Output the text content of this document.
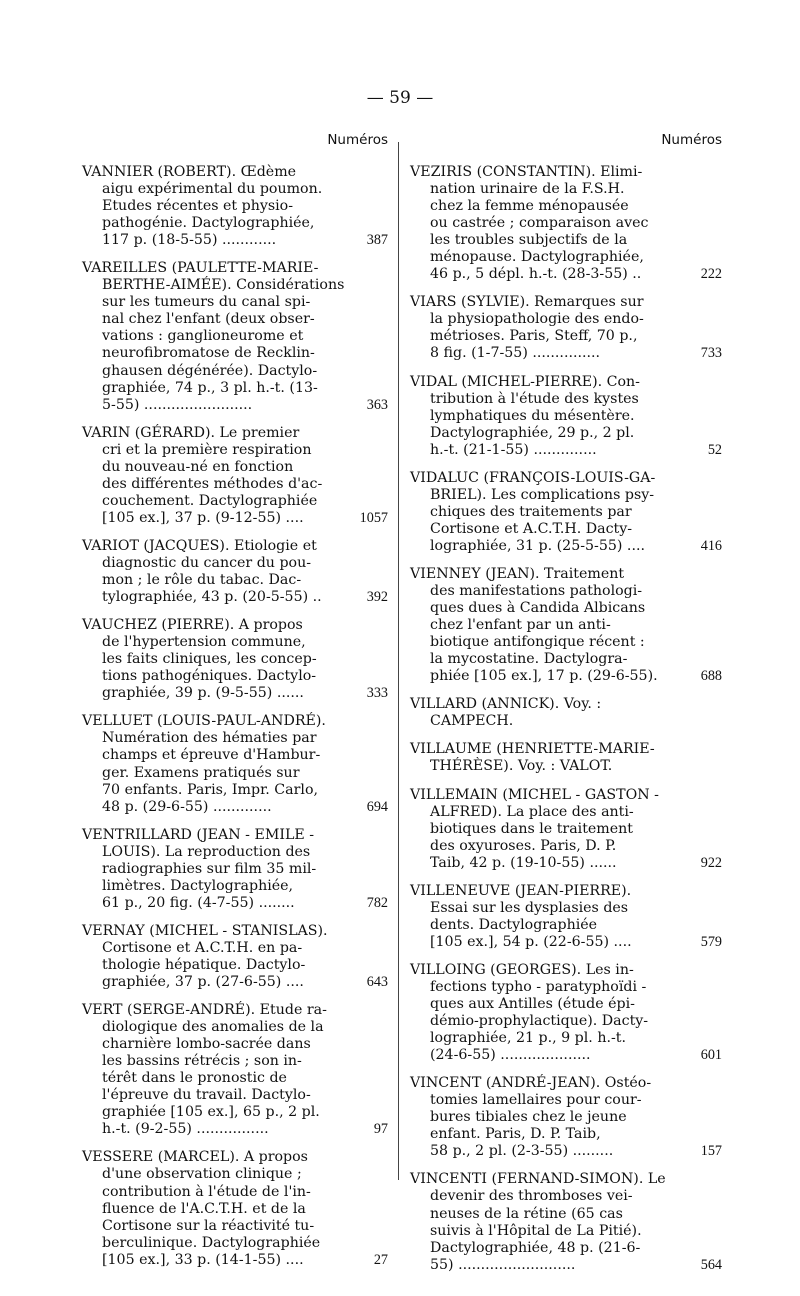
— 59 —
Numéros
VANNIER (ROBERT). Œdème
aigu expérimental du poumon.
Etudes récentes et physio-
pathogénie. Dactylographiée,
117 p. (18-5-55) ............	387
VAREILLES (PAULETTE-MARIE-
BERTHE-AIMÉE). Considérations
sur les tumeurs du canal spi-
nal chez l'enfant (deux obser-
vations : ganglioneurome et
neurofibromatose de Recklin-
ghausen dégénérée). Dactylo-
graphiée, 74 p., 3 pl. h.-t. (13-
5-55) ........................	363
VARIN (GÉRARD). Le premier
cri et la première respiration
du nouveau-né en fonction
des différentes méthodes d'ac-
couchement. Dactylographiée
[105 ex.], 37 p. (9-12-55) ....	1057
VARIOT (JACQUES). Etiologie et
diagnostic du cancer du pou-
mon ; le rôle du tabac. Dac-
tylographiée, 43 p. (20-5-55) ..	392
VAUCHEZ (PIERRE). A propos
de l'hypertension commune,
les faits cliniques, les concep-
tions pathogéniques. Dactylo-
graphiée, 39 p. (9-5-55) ......	333
VELLUET (LOUIS-PAUL-ANDRÉ).
Numération des hématies par
champs et épreuve d'Hambur-
ger. Examens pratiqués sur
70 enfants. Paris, Impr. Carlo,
48 p. (29-6-55) .............	694
VENTRILLARD (JEAN - EMILE -
LOUIS). La reproduction des
radiographies sur film 35 mil-
limètres. Dactylographiée,
61 p., 20 fig. (4-7-55) ........	782
VERNAY (MICHEL - STANISLAS).
Cortisone et A.C.T.H. en pa-
thologie hépatique. Dactylo-
graphiée, 37 p. (27-6-55) ....	643
VERT (SERGE-ANDRÉ). Etude ra-
diologique des anomalies de la
charnière lombo-sacrée dans
les bassins rétrécis ; son in-
térêt dans le pronostic de
l'épreuve du travail. Dactylo-
graphiée [105 ex.], 65 p., 2 pl.
h.-t. (9-2-55) ................	97
VESSERE (MARCEL). A propos
d'une observation clinique ;
contribution à l'étude de l'in-
fluence de l'A.C.T.H. et de la
Cortisone sur la réactivité tu-
berculinique. Dactylographiée
[105 ex.], 33 p. (14-1-55) ....	27
Numéros
VEZIRIS (CONSTANTIN). Elimi-
nation urinaire de la F.S.H.
chez la femme ménopausée
ou castrée ; comparaison avec
les troubles subjectifs de la
ménopause. Dactylographiée,
46 p., 5 dépl. h.-t. (28-3-55) ..	222
VIARS (SYLVIE). Remarques sur
la physiopathologie des endo-
métrioses. Paris, Steff, 70 p.,
8 fig. (1-7-55) ...............	733
VIDAL (MICHEL-PIERRE). Con-
tribution à l'étude des kystes
lymphatiques du mésentère.
Dactylographiée, 29 p., 2 pl.
h.-t. (21-1-55) ..............	52
VIDALUC (FRANÇOIS-LOUIS-GA-
BRIEL). Les complications psy-
chiques des traitements par
Cortisone et A.C.T.H. Dacty-
lographiée, 31 p. (25-5-55) ....	416
VIENNEY (JEAN). Traitement
des manifestations pathologi-
ques dues à Candida Albicans
chez l'enfant par un anti-
biotique antifongique récent :
la mycostatine. Dactylogra-
phiée [105 ex.], 17 p. (29-6-55).	688
VILLARD (ANNICK). Voy. :
CAMPECH.
VILLAUME (HENRIETTE-MARIE-
THÉRÈSE). Voy. : VALOT.
VILLEMAIN (MICHEL - GASTON -
ALFRED). La place des anti-
biotiques dans le traitement
des oxyuroses. Paris, D. P.
Taib, 42 p. (19-10-55) ......	922
VILLENEUVE (JEAN-PIERRE).
Essai sur les dysplasies des
dents. Dactylographiée
[105 ex.], 54 p. (22-6-55) ....	579
VILLOING (GEORGES). Les in-
fections typho - paratyphoïdi -
ques aux Antilles (étude épi-
démio-prophylactique). Dacty-
lographiée, 21 p., 9 pl. h.-t.
(24-6-55) ....................	601
VINCENT (ANDRÉ-JEAN). Ostéo-
tomies lamellaires pour cour-
bures tibiales chez le jeune
enfant. Paris, D. P. Taib,
58 p., 2 pl. (2-3-55) .........	157
VINCENTI (FERNAND-SIMON). Le
devenir des thromboses vei-
neuses de la rétine (65 cas
suivis à l'Hôpital de La Pitié).
Dactylographiée, 48 p. (21-6-
55) ..........................	564
